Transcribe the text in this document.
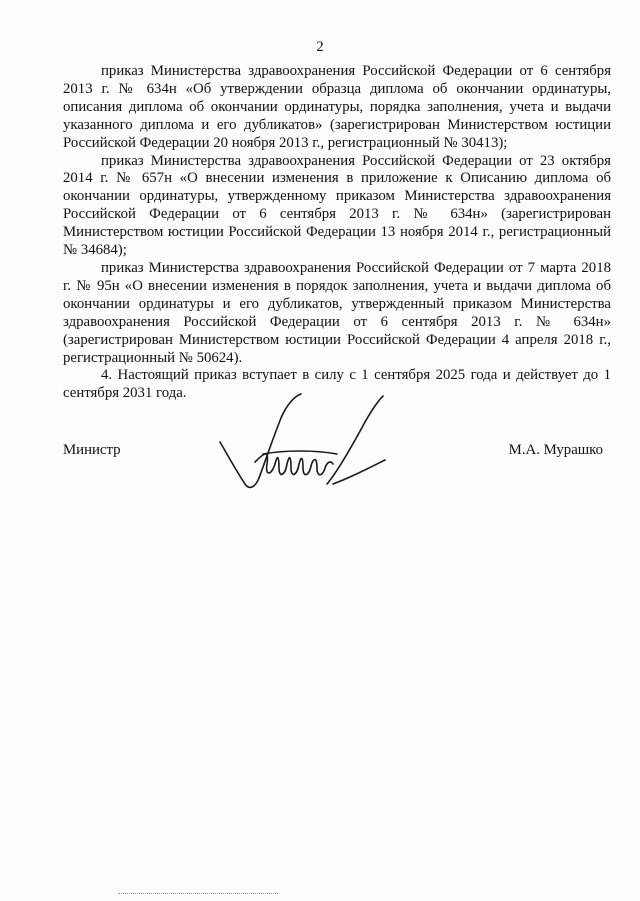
2

приказ Министерства здравоохранения Российской Федерации от 6 сентября 2013 г. № 634н «Об утверждении образца диплома об окончании ординатуры, описания диплома об окончании ординатуры, порядка заполнения, учета и выдачи указанного диплома и его дубликатов» (зарегистрирован Министерством юстиции Российской Федерации 20 ноября 2013 г., регистрационный № 30413);

приказ Министерства здравоохранения Российской Федерации от 23 октября 2014 г. № 657н «О внесении изменения в приложение к Описанию диплома об окончании ординатуры, утвержденному приказом Министерства здравоохранения Российской Федерации от 6 сентября 2013 г. № 634н» (зарегистрирован Министерством юстиции Российской Федерации 13 ноября 2014 г., регистрационный № 34684);

приказ Министерства здравоохранения Российской Федерации от 7 марта 2018 г. № 95н «О внесении изменения в порядок заполнения, учета и выдачи диплома об окончании ординатуры и его дубликатов, утвержденный приказом Министерства здравоохранения Российской Федерации от 6 сентября 2013 г. № 634н» (зарегистрирован Министерством юстиции Российской Федерации 4 апреля 2018 г., регистрационный № 50624).

4. Настоящий приказ вступает в силу с 1 сентября 2025 года и действует до 1 сентября 2031 года.

Министр	М.А. Мурашко
